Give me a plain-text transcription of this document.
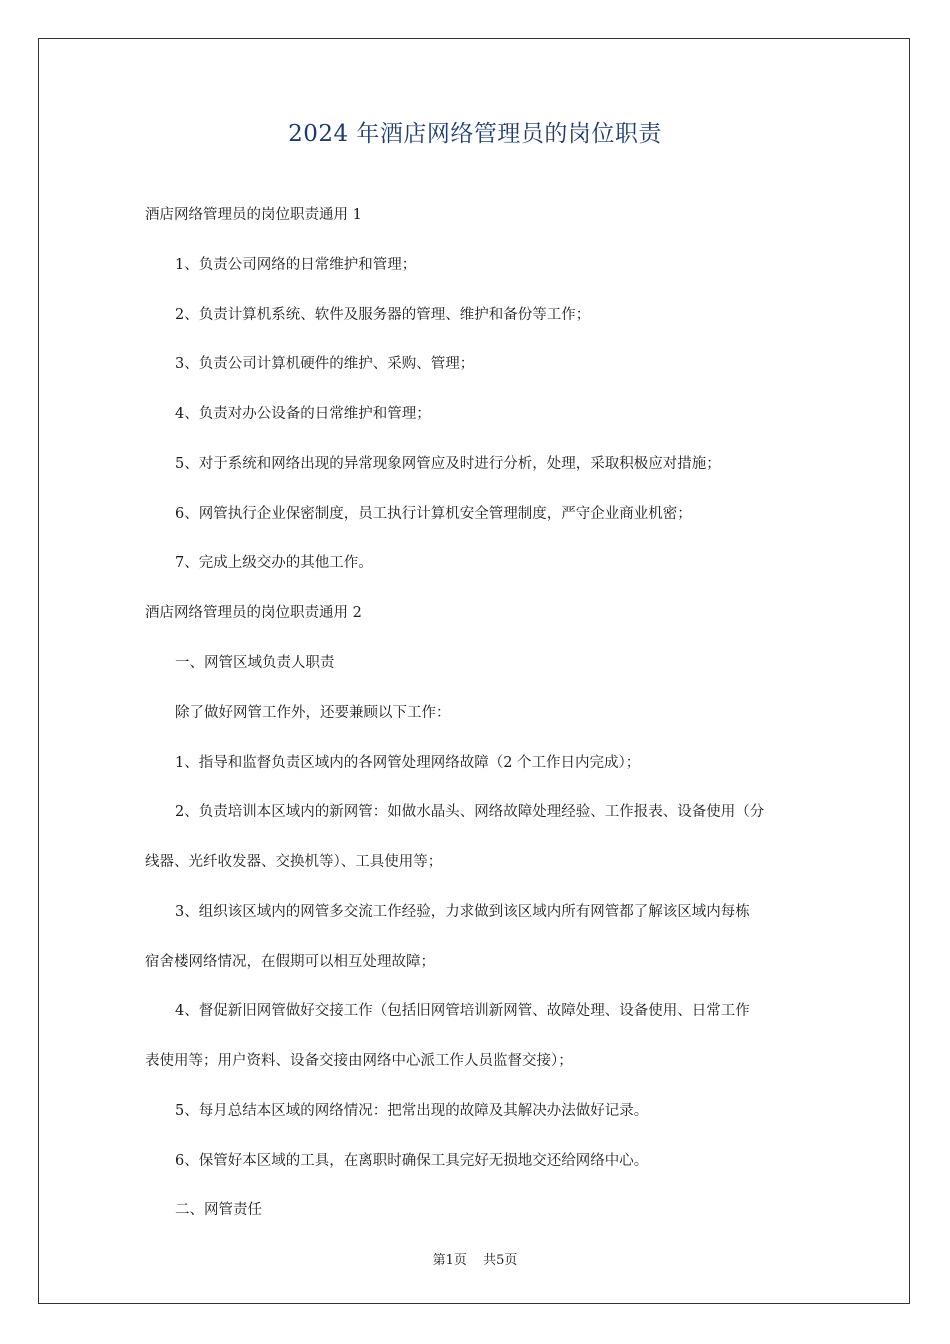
2024 年酒店网络管理员的岗位职责
酒店网络管理员的岗位职责通用 1
1、负责公司网络的日常维护和管理；
2、负责计算机系统、软件及服务器的管理、维护和备份等工作；
3、负责公司计算机硬件的维护、采购、管理；
4、负责对办公设备的日常维护和管理；
5、对于系统和网络出现的异常现象网管应及时进行分析，处理，采取积极应对措施；
6、网管执行企业保密制度，员工执行计算机安全管理制度，严守企业商业机密；
7、完成上级交办的其他工作。
酒店网络管理员的岗位职责通用 2
一、网管区域负责人职责
除了做好网管工作外，还要兼顾以下工作：
1、指导和监督负责区域内的各网管处理网络故障（2 个工作日内完成）；
2、负责培训本区域内的新网管：如做水晶头、网络故障处理经验、工作报表、设备使用（分
线器、光纤收发器、交换机等）、工具使用等；
3、组织该区域内的网管多交流工作经验，力求做到该区域内所有网管都了解该区域内每栋
宿舍楼网络情况，在假期可以相互处理故障；
4、督促新旧网管做好交接工作（包括旧网管培训新网管、故障处理、设备使用、日常工作
表使用等；用户资料、设备交接由网络中心派工作人员监督交接）；
5、每月总结本区域的网络情况：把常出现的故障及其解决办法做好记录。
6、保管好本区域的工具，在离职时确保工具完好无损地交还给网络中心。
二、网管责任
第1页 共5页
